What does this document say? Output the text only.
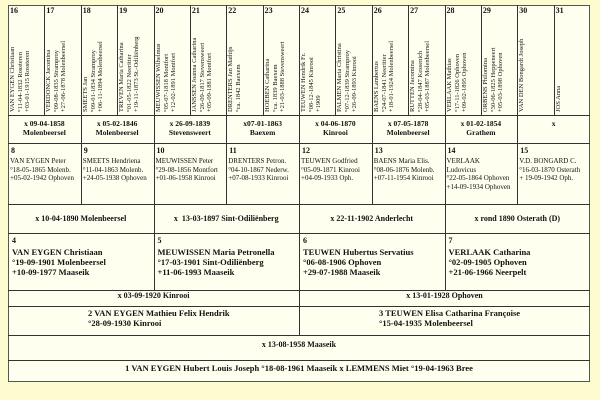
16
VAN EYGEN Christiaan
°11-04-1832 Rossteren
+03-01-1915 Rossteren
17
VERDONCK Jacomina
°09-08-1835 Stramproy
+27-06-1878 Molenbeersel
18
SMEETS Jan
°09-01-1834 Stramproy
+06-11-1894 Molenbeersel
19
TREVEN Maria Catharina
°01-05-1822 Neeritter
+19-11-1873 St.-Odiliënberg
20
MEUWISSEN Wilhelmus
°05-07-1818 Montfort
+12-02-1891 Montfort
21
JANSSEN Joanna Catharina
°26-09-1817 Stevensweert
+05-09-1881 Montfort
22
DRENTERS Jan Mathijs
°ca. 1842 Baexem
23
HOEBEN Catharina
°ca. 1839 Baexem
+21-03-1888 Stevensweert
24
TEUWEN Hendrik Fr.
°08-12-1845 Kinrooi
+1909
25
PALMEN Maria Christina
°07-12-1839 Stramproy
+26-09-1893 Kinrooi
26
BAENS Lambertus
°24-07-1841 Neeritter
+18-01-1924 Molenbeersel
27
RUTTEN Jacomina
°28-04-1847 Kessenich
+05-03-1887 Molenbeersel
28
VERLAAK Mathias
°17-11-1826 Ophoven
+09-02-1895 Ophoven
29
ORBENS Philomina
°30-06-1825 Heppeneert
+05-03-1898 Ophoven
30
VAN DEN Bongardt Joseph
31
JOS Anna
x 09-04-1858
Molenbeersel
x 05-02-1846
Molenbeersel
x 26-09-1839
Stevensweert
x07-01-1863
Baexem
x 04-06-1870
Kinrooi
x 07-05-1878
Molenbeersel
x 01-02-1854
Grathem
x
8
VAN EYGEN Peter
°18-05-1865 Molenb.
+05-02-1942 Ophoven
9
SMEETS Hendriena
°11-04-1863 Molenb.
+24-05-1938 Ophoven
10
MEUWISSEN Peter
°29-08-1856 Montfort
+01-06-1958 Kinrooi
11
DRENTERS Petron.
°04-10-1867 Nederw.
+07-08-1933 Kinrooi
12
TEUWEN Godfried
°05-09-1871 Kinrooi
+04-09-1933 Oph.
13
BAENS Maria Elis.
°08-06-1876 Molenb.
+07-11-1954 Kinrooi
14
VERLAAK
Ludovicus
°22-05-1864 Ophoven
+14-09-1934 Ophoven
15
V.D. BONGARD C.
°16-03-1870 Osterath
+ 19-09-1942 Oph.
x 10-04-1890 Molenbeersel	x  13-03-1897 Sint-Odiliënberg	x 22-11-1902 Anderlecht	x rond 1890 Osterath (D)
4
VAN EYGEN Christiaan
°19-09-1901 Molenbeersel
+10-09-1977 Maaseik
5
MEUWISSEN Maria Petronella
°17-03-1901 Sint-Odiliënberg
+11-06-1993 Maaseik
6
TEUWEN Hubertus Servatius
°06-08-1906 Ophoven
+29-07-1988 Maaseik
7
VERLAAK Catharina
°02-09-1905 Ophoven
+21-06-1966 Neerpelt
x 03-09-1920 Kinrooi	x 13-01-1928 Ophoven
2 VAN EYGEN Mathieu Felix Hendrik
°28-09-1930 Kinrooi
3 TEUWEN Elisa Catharina Françoise
°15-04-1935 Molenbeersel
x 13-08-1958 Maaseik
1 VAN EYGEN Hubert Louis Joseph °18-08-1961 Maaseik x LEMMENS Miet °19-04-1963 Bree
